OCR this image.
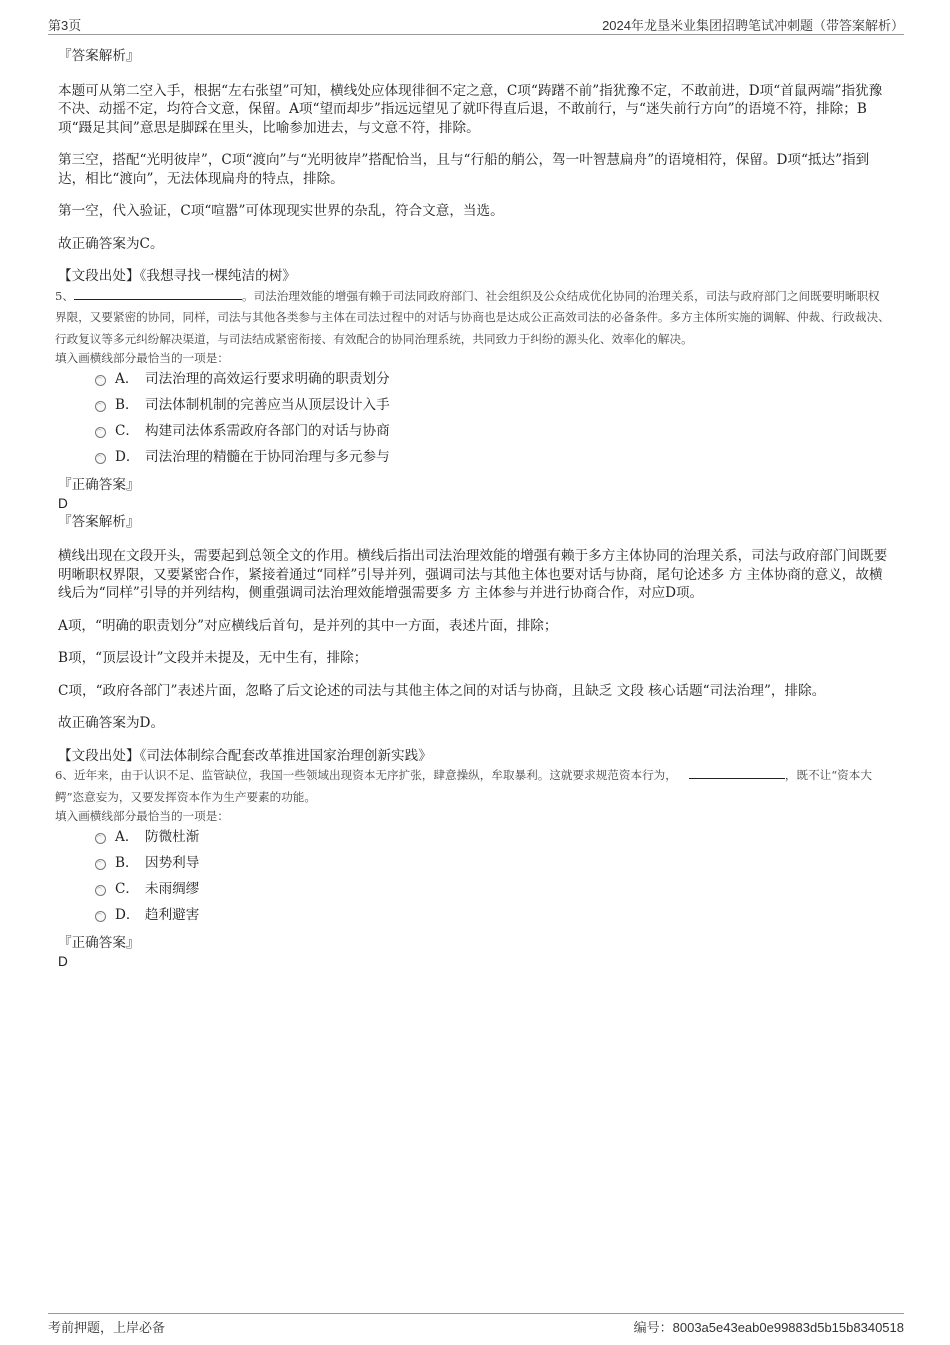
第3页	2024年龙垦米业集团招聘笔试冲刺题（带答案解析）

『答案解析』

本题可从第二空入手，根据“左右张望”可知，横线处应体现徘徊不定之意，C项“踌躇不前”指犹豫不定，不敢前进，D项“首鼠两端”指犹豫不决、动摇不定，均符合文意，保留。A项“望而却步”指远远望见了就吓得直后退，不敢前行，与“迷失前行方向”的语境不符，排除；B项“蹑足其间”意思是脚踩在里头，比喻参加进去，与文意不符，排除。

第三空，搭配“光明彼岸”，C项“渡向”与“光明彼岸”搭配恰当，且与“行船的艄公，驾一叶智慧扁舟”的语境相符，保留。D项“抵达”指到达，相比“渡向”，无法体现扁舟的特点，排除。

第一空，代入验证，C项“喧嚣”可体现现实世界的杂乱，符合文意，当选。

故正确答案为C。

【文段出处】《我想寻找一棵纯洁的树》

5、	。司法治理效能的增强有赖于司法同政府部门、社会组织及公众结成优化协同的治理关系，司法与政府部门之间既要明晰职权界限，又要紧密的协同，同样，司法与其他各类参与主体在司法过程中的对话与协商也是达成公正高效司法的必备条件。多方主体所实施的调解、仲裁、行政裁决、行政复议等多元纠纷解决渠道，与司法结成紧密衔接、有效配合的协同治理系统，共同致力于纠纷的源头化、效率化的解决。

填入画横线部分最恰当的一项是：

A． 司法治理的高效运行要求明确的职责划分
B． 司法体制机制的完善应当从顶层设计入手
C． 构建司法体系需政府各部门的对话与协商
D． 司法治理的精髓在于协同治理与多元参与

『正确答案』

D

『答案解析』

横线出现在文段开头，需要起到总领全文的作用。横线后指出司法治理效能的增强有赖于多方主体协同的治理关系，司法与政府部门间既要明晰职权界限，又要紧密合作，紧接着通过“同样”引导并列，强调司法与其他主体也要对话与协商，尾句论述多 方 主体协商的意义，故横线后为“同样”引导的并列结构，侧重强调司法治理效能增强需要多 方 主体参与并进行协商合作，对应D项。

A项，“明确的职责划分”对应横线后首句，是并列的其中一方面，表述片面，排除；

B项，“顶层设计”文段并未提及，无中生有，排除；

C项，“政府各部门”表述片面，忽略了后文论述的司法与其他主体之间的对话与协商，且缺乏 文段 核心话题“司法治理”，排除。

故正确答案为D。

【文段出处】《司法体制综合配套改革推进国家治理创新实践》

6、近年来，由于认识不足、监管缺位，我国一些领域出现资本无序扩张，肆意操纵，牟取暴利。这就要求规范资本行为，	，既不让“资本大鳄”恣意妄为，又要发挥资本作为生产要素的功能。

填入画横线部分最恰当的一项是：

A． 防微杜渐
B． 因势利导
C． 未雨绸缪
D． 趋利避害

『正确答案』

D

考前押题，上岸必备	编号：8003a5e43eab0e99883d5b15b8340518
